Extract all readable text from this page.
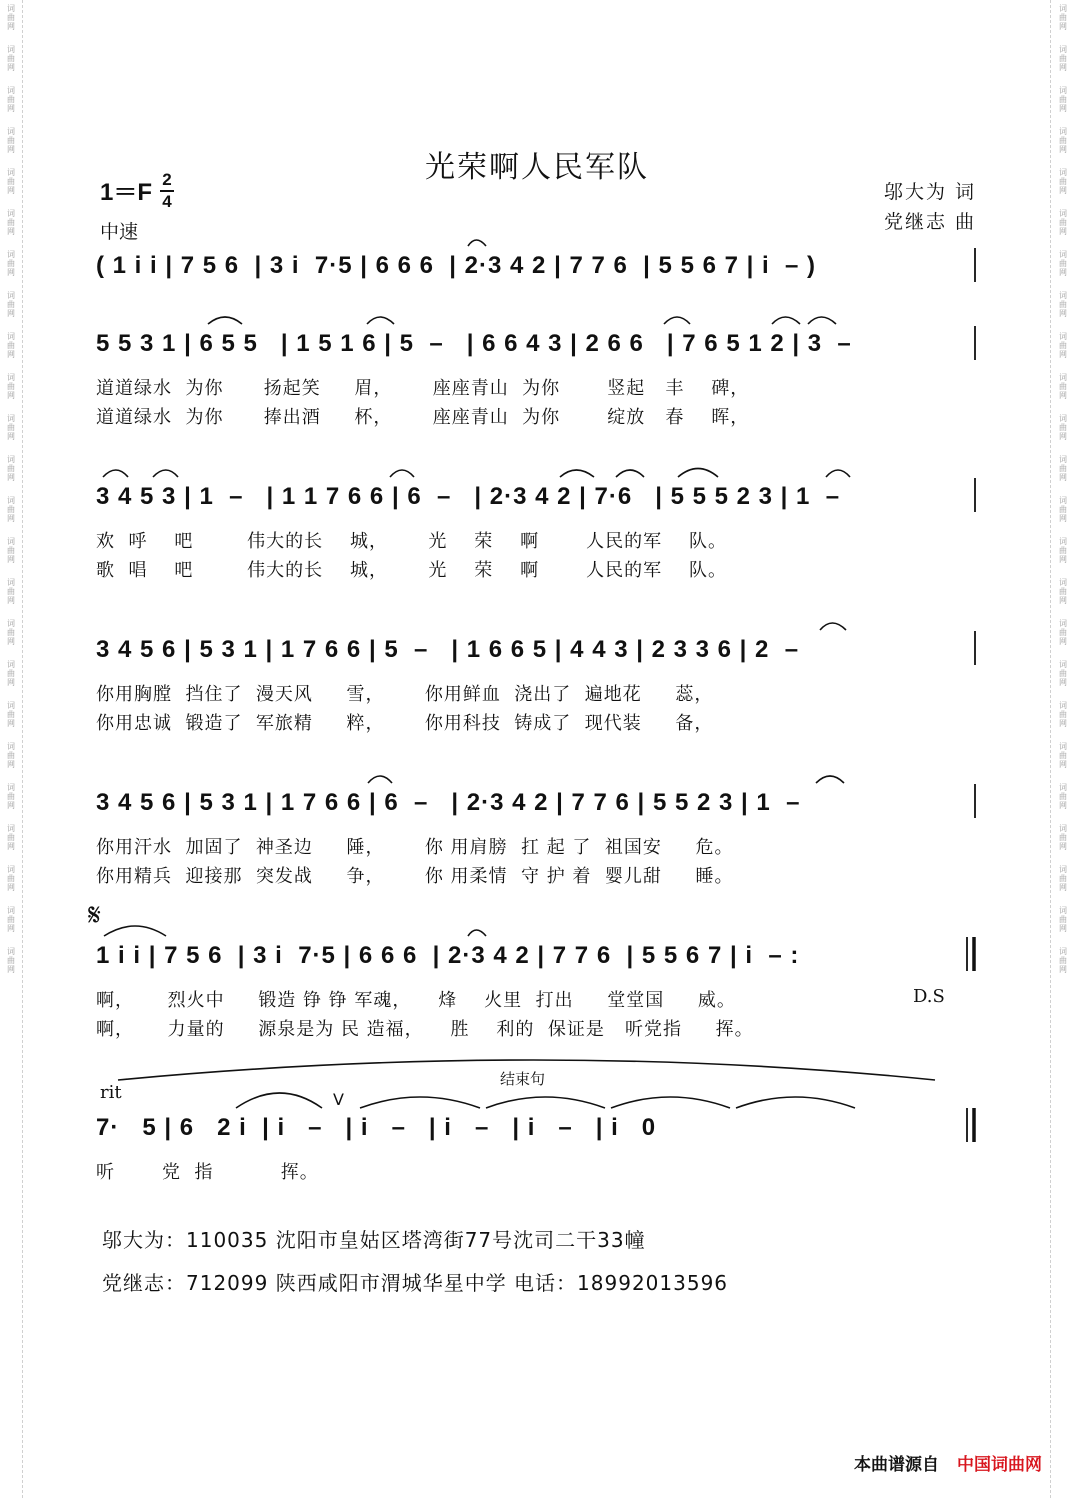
词曲网
词曲网
词曲网
词曲网
词曲网
词曲网
词曲网
词曲网
词曲网
词曲网
词曲网
词曲网
词曲网
词曲网
词曲网
词曲网
词曲网
词曲网
词曲网
词曲网
词曲网
词曲网
词曲网
词曲网
词曲网
词曲网
词曲网
词曲网
词曲网
词曲网
词曲网
词曲网
词曲网
词曲网
词曲网
词曲网
词曲网
词曲网
词曲网
词曲网
词曲网
词曲网
词曲网
词曲网
词曲网
词曲网
词曲网
词曲网
光荣啊人民军队
1＝F 2
4
中速
邬大为 词
党继志 曲
( 1 i i | 7 5 6  | 3 i  7·5 | 6 6 6  | 2·3 4 2 | 7 7 6  | 5 5 6 7 | i  – )
5 5 3 1 | 6 5 5   | 1 5 1 6 | 5  –   | 6 6 4 3 | 2 6 6   | 7 6 5 1 2 | 3  –
道道绿水  为你      扬起笑     眉，      座座青山  为你       竖起   丰    碑，
道道绿水  为你      捧出酒     杯，      座座青山  为你       绽放   春    晖，
3 4 5 3 | 1  –   | 1 1 7 6 6 | 6  –   | 2·3 4 2 | 7·6   | 5 5 5 2 3 | 1  –
欢  呼    吧        伟大的长    城，      光    荣    啊       人民的军    队。
歌  唱    吧        伟大的长    城，      光    荣    啊       人民的军    队。
3 4 5 6 | 5 3 1 | 1 7 6 6 | 5  –   | 1 6 6 5 | 4 4 3 | 2 3 3 6 | 2  –
你用胸膛  挡住了  漫天风     雪，      你用鲜血  浇出了  遍地花     蕊，
你用忠诚  锻造了  军旅精     粹，      你用科技  铸成了  现代装     备，
3 4 5 6 | 5 3 1 | 1 7 6 6 | 6  –   | 2·3 4 2 | 7 7 6 | 5 5 2 3 | 1  –
你用汗水  加固了  神圣边     陲，      你 用肩膀  扛 起 了  祖国安     危。
你用精兵  迎接那  突发战     争，      你 用柔情  守 护 着  婴儿甜     睡。
𝄋
1 i i | 7 5 6  | 3 i  7·5 | 6 6 6  | 2·3 4 2 | 7 7 6  | 5 5 6 7 | i  – :
啊，     烈火中     锻造 铮 铮 军魂，    烽    火里  打出     堂堂国     威。
啊，     力量的     源泉是为 民 造福，    胜    利的  保证是   听党指     挥。
D.S
结束句
rit
7·   5 | 6   2 i  | i   –   | i   –   | i   –   | i   –   | i   0
听       党  指          挥。
V
邬大为：110035 沈阳市皇姑区塔湾街77号沈司二干33幢
党继志：712099 陕西咸阳市渭城华星中学 电话：18992013596
本曲谱源自 中国词曲网
